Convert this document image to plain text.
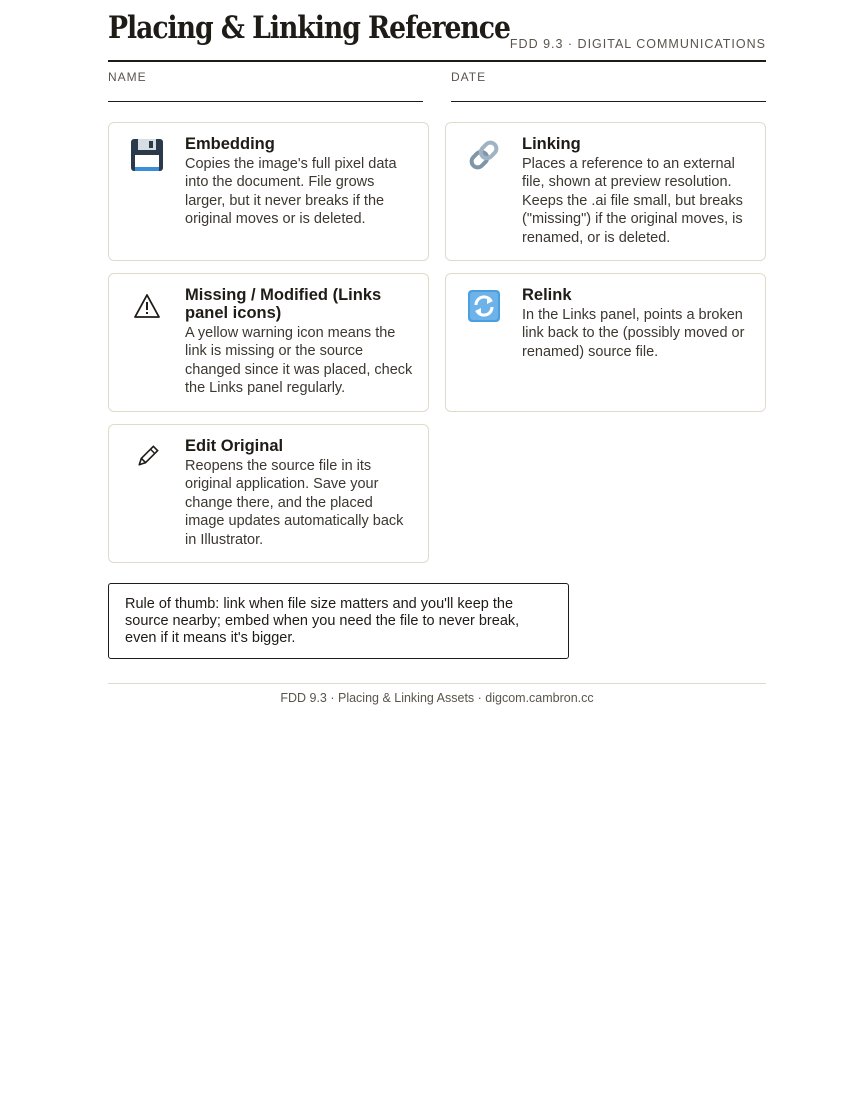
Placing & Linking Reference FDD 9.3 · DIGITAL COMMUNICATIONS
NAME	DATE
Embedding
Copies the image's full pixel data into the document. File grows larger, but it never breaks if the original moves or is deleted.
Linking
Places a reference to an external file, shown at preview resolution. Keeps the .ai file small, but breaks ("missing") if the original moves, is renamed, or is deleted.
Missing / Modified (Links panel icons)
A yellow warning icon means the link is missing or the source changed since it was placed, check the Links panel regularly.
Relink
In the Links panel, points a broken link back to the (possibly moved or renamed) source file.
Edit Original
Reopens the source file in its original application. Save your change there, and the placed image updates automatically back in Illustrator.
Rule of thumb: link when file size matters and you'll keep the source nearby; embed when you need the file to never break, even if it means it's bigger.
FDD 9.3 · Placing & Linking Assets · digcom.cambron.cc
